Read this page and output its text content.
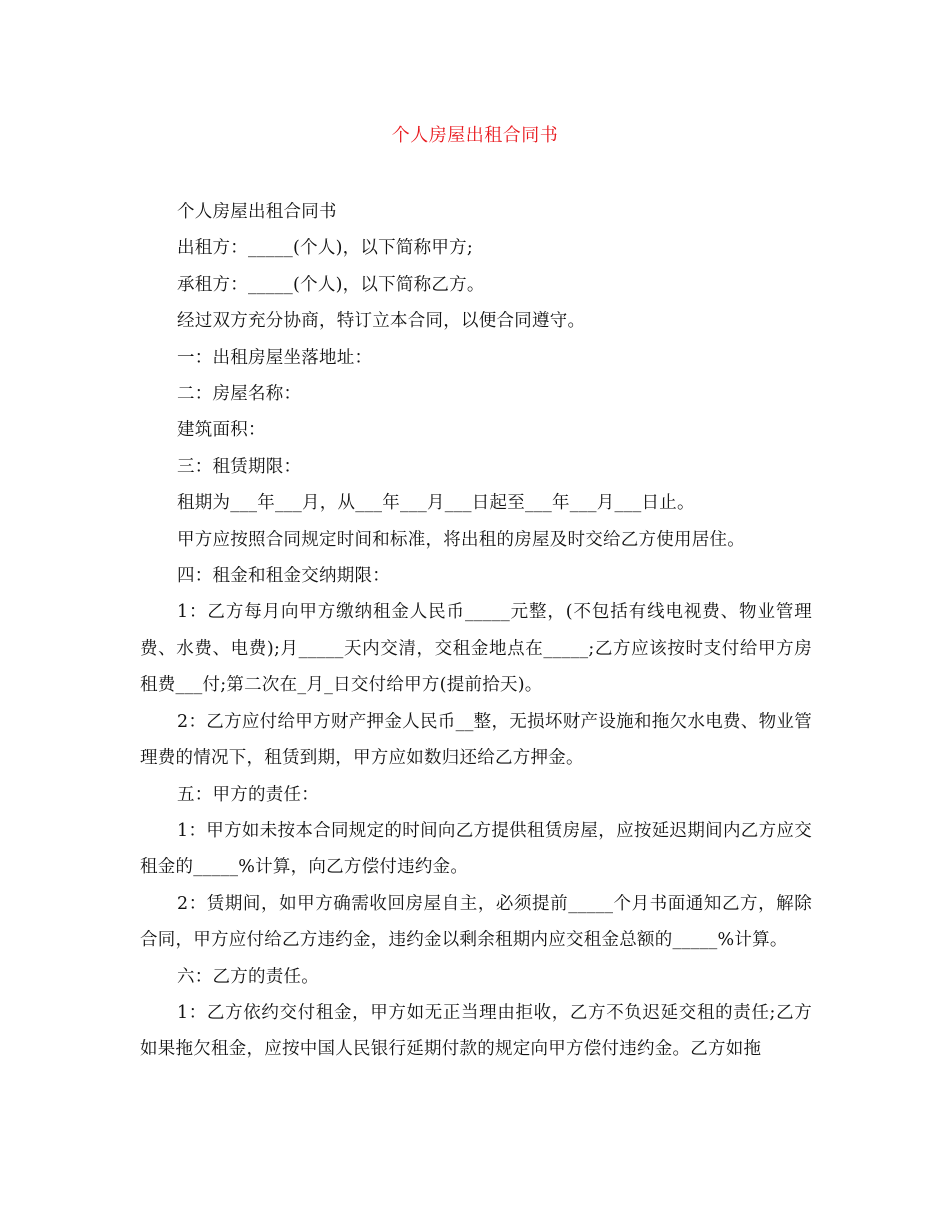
个人房屋出租合同书

个人房屋出租合同书

出租方：_____(个人)，以下简称甲方;

承租方：_____(个人)，以下简称乙方。

经过双方充分协商，特订立本合同，以便合同遵守。

一：出租房屋坐落地址：

二：房屋名称：

建筑面积：

三：租赁期限：

租期为___年___月，从___年___月___日起至___年___月___日止。

甲方应按照合同规定时间和标准，将出租的房屋及时交给乙方使用居住。

四：租金和租金交纳期限：

1：乙方每月向甲方缴纳租金人民币_____元整，(不包括有线电视费、物业管理费、水费、电费);月_____天内交清，交租金地点在_____;乙方应该按时支付给甲方房租费___付;第二次在_月_日交付给甲方(提前拾天)。

2：乙方应付给甲方财产押金人民币__整，无损坏财产设施和拖欠水电费、物业管理费的情况下，租赁到期，甲方应如数归还给乙方押金。

五：甲方的责任：

1：甲方如未按本合同规定的时间向乙方提供租赁房屋，应按延迟期间内乙方应交租金的_____%计算，向乙方偿付违约金。

2：赁期间，如甲方确需收回房屋自主，必须提前_____个月书面通知乙方，解除合同，甲方应付给乙方违约金，违约金以剩余租期内应交租金总额的_____%计算。

六：乙方的责任。

1：乙方依约交付租金，甲方如无正当理由拒收，乙方不负迟延交租的责任;乙方如果拖欠租金，应按中国人民银行延期付款的规定向甲方偿付违约金。乙方如拖
